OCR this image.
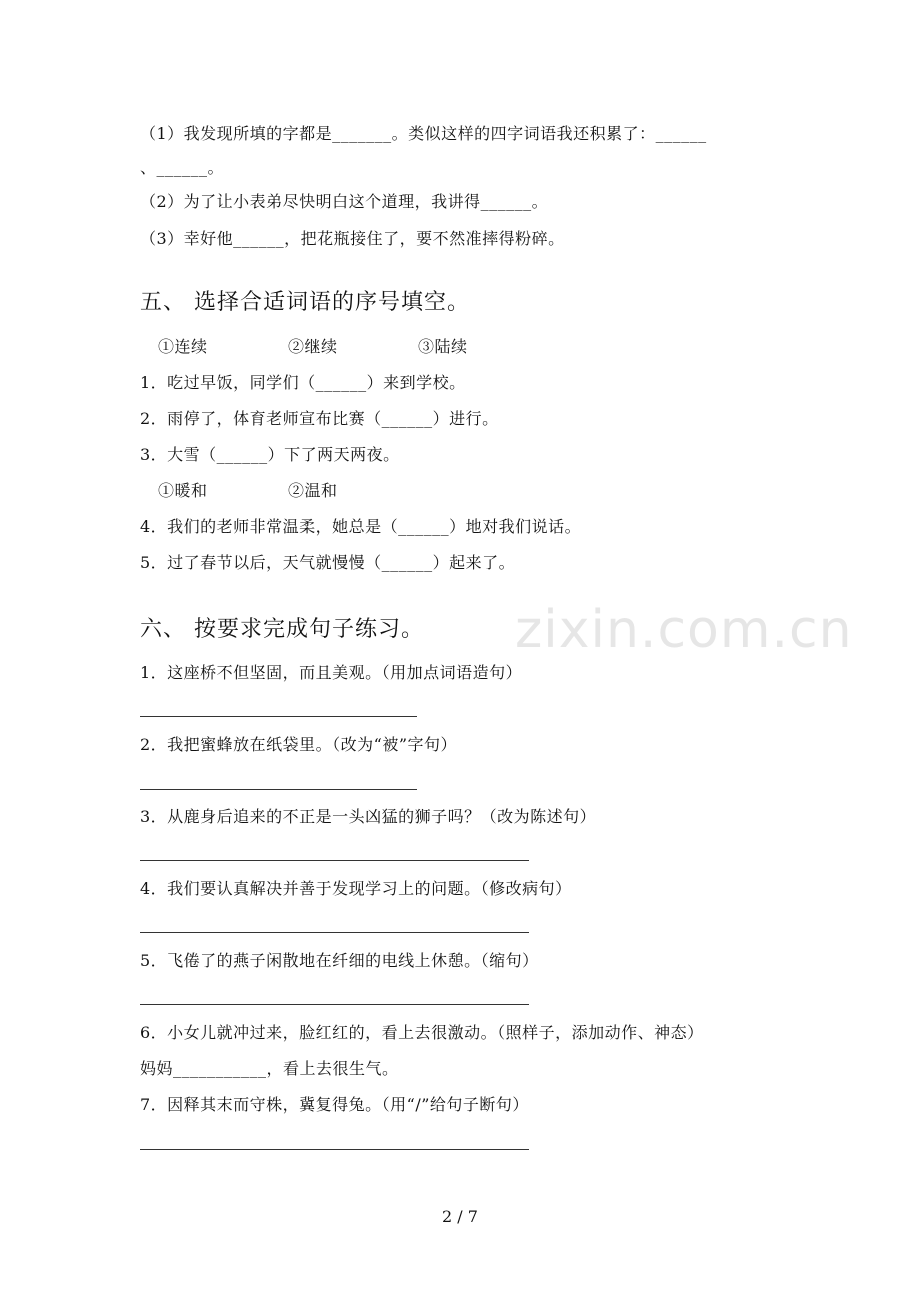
zixin.com.cn
（1）我发现所填的字都是_______。类似这样的四字词语我还积累了：______
、______。
（2）为了让小表弟尽快明白这个道理，我讲得______。
（3）幸好他______，把花瓶接住了，要不然准摔得粉碎。
五、 选择合适词语的序号填空。
①连续	②继续	③陆续
1．吃过早饭，同学们（______）来到学校。
2．雨停了，体育老师宣布比赛（______）进行。
3．大雪（______）下了两天两夜。
①暖和	②温和
4．我们的老师非常温柔，她总是（______）地对我们说话。
5．过了春节以后，天气就慢慢（______）起来了。
六、 按要求完成句子练习。
1．这座桥不但坚固，而且美观。（用加点词语造句）
2．我把蜜蜂放在纸袋里。（改为“被”字句）
3．从鹿身后追来的不正是一头凶猛的狮子吗？（改为陈述句）
4．我们要认真解决并善于发现学习上的问题。（修改病句）
5．飞倦了的燕子闲散地在纤细的电线上休憩。（缩句）
6．小女儿就冲过来，脸红红的，看上去很激动。（照样子，添加动作、神态）
妈妈___________，看上去很生气。
7．因释其末而守株，冀复得兔。（用“/”给句子断句）
2 / 7
